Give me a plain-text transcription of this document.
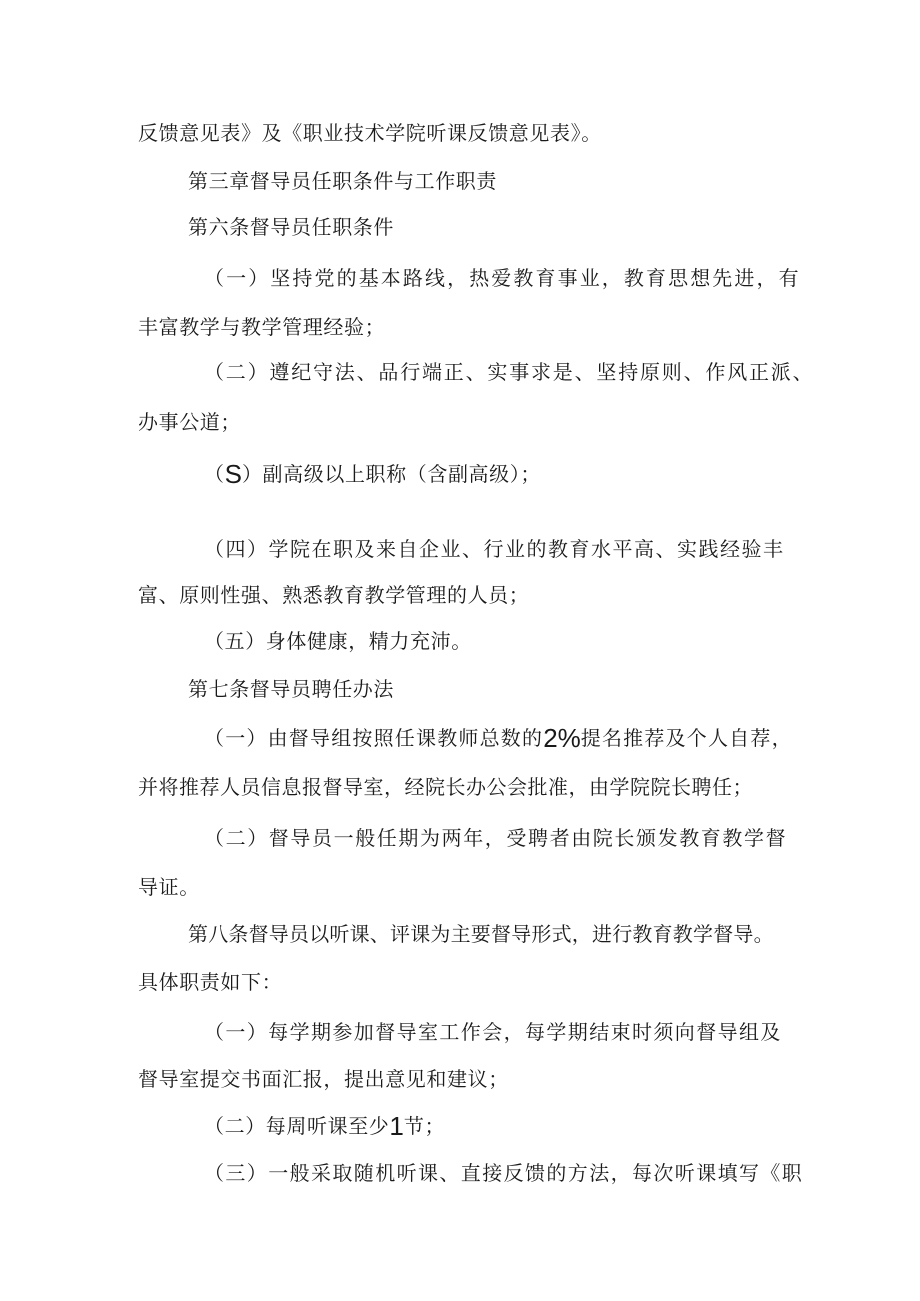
反馈意见表》及《职业技术学院听课反馈意见表》。
第三章督导员任职条件与工作职责
第六条督导员任职条件
（一）坚持党的基本路线，热爱教育事业，教育思想先进，有
丰富教学与教学管理经验；
（二）遵纪守法、品行端正、实事求是、坚持原则、作风正派、
办事公道；
（S）副高级以上职称（含副高级）；
（四）学院在职及来自企业、行业的教育水平高、实践经验丰
富、原则性强、熟悉教育教学管理的人员；
（五）身体健康，精力充沛。
第七条督导员聘任办法
（一）由督导组按照任课教师总数的2%提名推荐及个人自荐，
并将推荐人员信息报督导室，经院长办公会批准，由学院院长聘任；
（二）督导员一般任期为两年，受聘者由院长颁发教育教学督
导证。
第八条督导员以听课、评课为主要督导形式，进行教育教学督导。
具体职责如下：
（一）每学期参加督导室工作会，每学期结束时须向督导组及
督导室提交书面汇报，提出意见和建议；
（二）每周听课至少1节；
（三）一般采取随机听课、直接反馈的方法，每次听课填写《职
